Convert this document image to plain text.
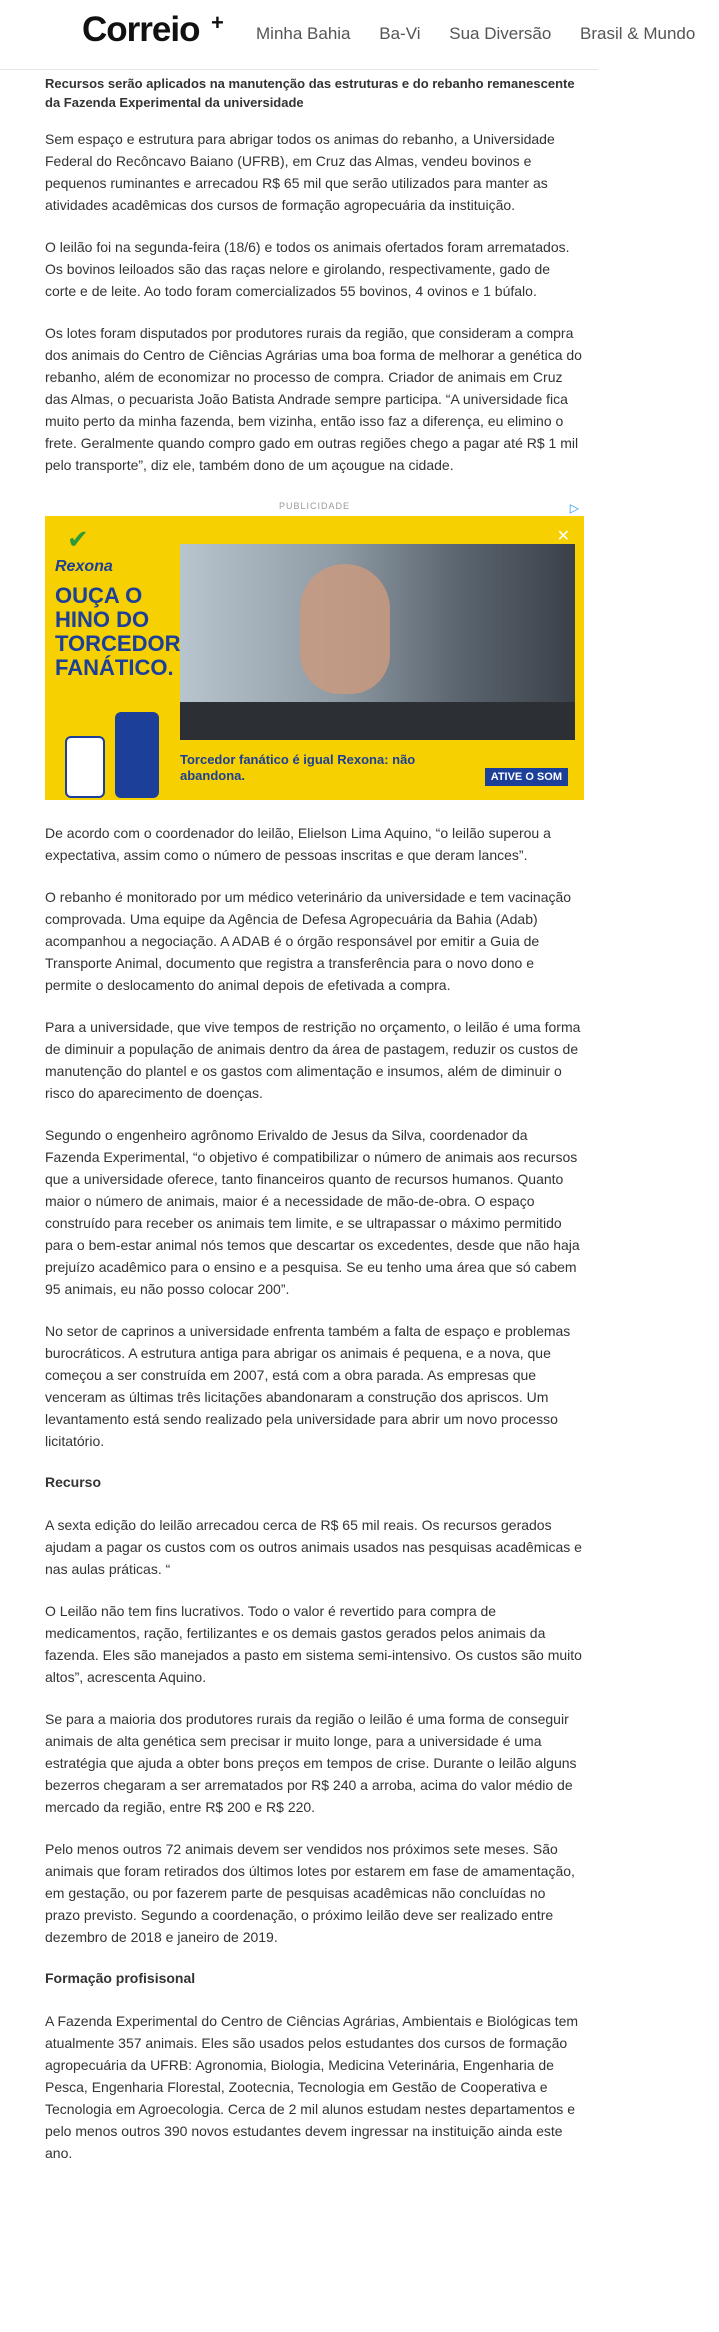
Correio + Minha Bahia Ba-Vi Sua Diversão Brasil & Mundo

Recursos serão aplicados na manutenção das estruturas e do rebanho remanescente da Fazenda Experimental da universidade

Sem espaço e estrutura para abrigar todos os animas do rebanho, a Universidade Federal do Recôncavo Baiano (UFRB), em Cruz das Almas, vendeu bovinos e pequenos ruminantes e arrecadou R$ 65 mil que serão utilizados para manter as atividades acadêmicas dos cursos de formação agropecuária da instituição.

O leilão foi na segunda-feira (18/6) e todos os animais ofertados foram arrematados. Os bovinos leiloados são das raças nelore e girolando, respectivamente, gado de corte e de leite. Ao todo foram comercializados 55 bovinos, 4 ovinos e 1 búfalo.

Os lotes foram disputados por produtores rurais da região, que consideram a compra dos animais do Centro de Ciências Agrárias uma boa forma de melhorar a genética do rebanho, além de economizar no processo de compra. Criador de animais em Cruz das Almas, o pecuarista João Batista Andrade sempre participa. “A universidade fica muito perto da minha fazenda, bem vizinha, então isso faz a diferença, eu elimino o frete. Geralmente quando compro gado em outras regiões chego a pagar até R$ 1 mil pelo transporte”, diz ele, também dono de um açougue na cidade.

PUBLICIDADE	▷
✔
Rexona
OUÇA O HINO DO TORCEDOR FANÁTICO.
✕
Torcedor fanático é igual Rexona: não abandona.	ATIVE O SOM

De acordo com o coordenador do leilão, Elielson Lima Aquino, “o leilão superou a expectativa, assim como o número de pessoas inscritas e que deram lances”.

O rebanho é monitorado por um médico veterinário da universidade e tem vacinação comprovada. Uma equipe da Agência de Defesa Agropecuária da Bahia (Adab) acompanhou a negociação. A ADAB é o órgão responsável por emitir a Guia de Transporte Animal, documento que registra a transferência para o novo dono e permite o deslocamento do animal depois de efetivada a compra.

Para a universidade, que vive tempos de restrição no orçamento, o leilão é uma forma de diminuir a população de animais dentro da área de pastagem, reduzir os custos de manutenção do plantel e os gastos com alimentação e insumos, além de diminuir o risco do aparecimento de doenças.

Segundo o engenheiro agrônomo Erivaldo de Jesus da Silva, coordenador da Fazenda Experimental, “o objetivo é compatibilizar o número de animais aos recursos que a universidade oferece, tanto financeiros quanto de recursos humanos. Quanto maior o número de animais, maior é a necessidade de mão-de-obra. O espaço construído para receber os animais tem limite, e se ultrapassar o máximo permitido para o bem-estar animal nós temos que descartar os excedentes, desde que não haja prejuízo acadêmico para o ensino e a pesquisa. Se eu tenho uma área que só cabem 95 animais, eu não posso colocar 200”.

No setor de caprinos a universidade enfrenta também a falta de espaço e problemas burocráticos. A estrutura antiga para abrigar os animais é pequena, e a nova, que começou a ser construída em 2007, está com a obra parada. As empresas que venceram as últimas três licitações abandonaram a construção dos apriscos. Um levantamento está sendo realizado pela universidade para abrir um novo processo licitatório.

Recurso

A sexta edição do leilão arrecadou cerca de R$ 65 mil reais. Os recursos gerados ajudam a pagar os custos com os outros animais usados nas pesquisas acadêmicas e nas aulas práticas. “

O Leilão não tem fins lucrativos. Todo o valor é revertido para compra de medicamentos, ração, fertilizantes e os demais gastos gerados pelos animais da fazenda. Eles são manejados a pasto em sistema semi-intensivo. Os custos são muito altos”, acrescenta Aquino.

Se para a maioria dos produtores rurais da região o leilão é uma forma de conseguir animais de alta genética sem precisar ir muito longe, para a universidade é uma estratégia que ajuda a obter bons preços em tempos de crise. Durante o leilão alguns bezerros chegaram a ser arrematados por R$ 240 a arroba, acima do valor médio de mercado da região, entre R$ 200 e R$ 220.

Pelo menos outros 72 animais devem ser vendidos nos próximos sete meses. São animais que foram retirados dos últimos lotes por estarem em fase de amamentação, em gestação, ou por fazerem parte de pesquisas acadêmicas não concluídas no prazo previsto. Segundo a coordenação, o próximo leilão deve ser realizado entre dezembro de 2018 e janeiro de 2019.

Formação profisisonal

A Fazenda Experimental do Centro de Ciências Agrárias, Ambientais e Biológicas tem atualmente 357 animais. Eles são usados pelos estudantes dos cursos de formação agropecuária da UFRB: Agronomia, Biologia, Medicina Veterinária, Engenharia de Pesca, Engenharia Florestal, Zootecnia, Tecnologia em Gestão de Cooperativa e Tecnologia em Agroecologia. Cerca de 2 mil alunos estudam nestes departamentos e pelo menos outros 390 novos estudantes devem ingressar na instituição ainda este ano.
